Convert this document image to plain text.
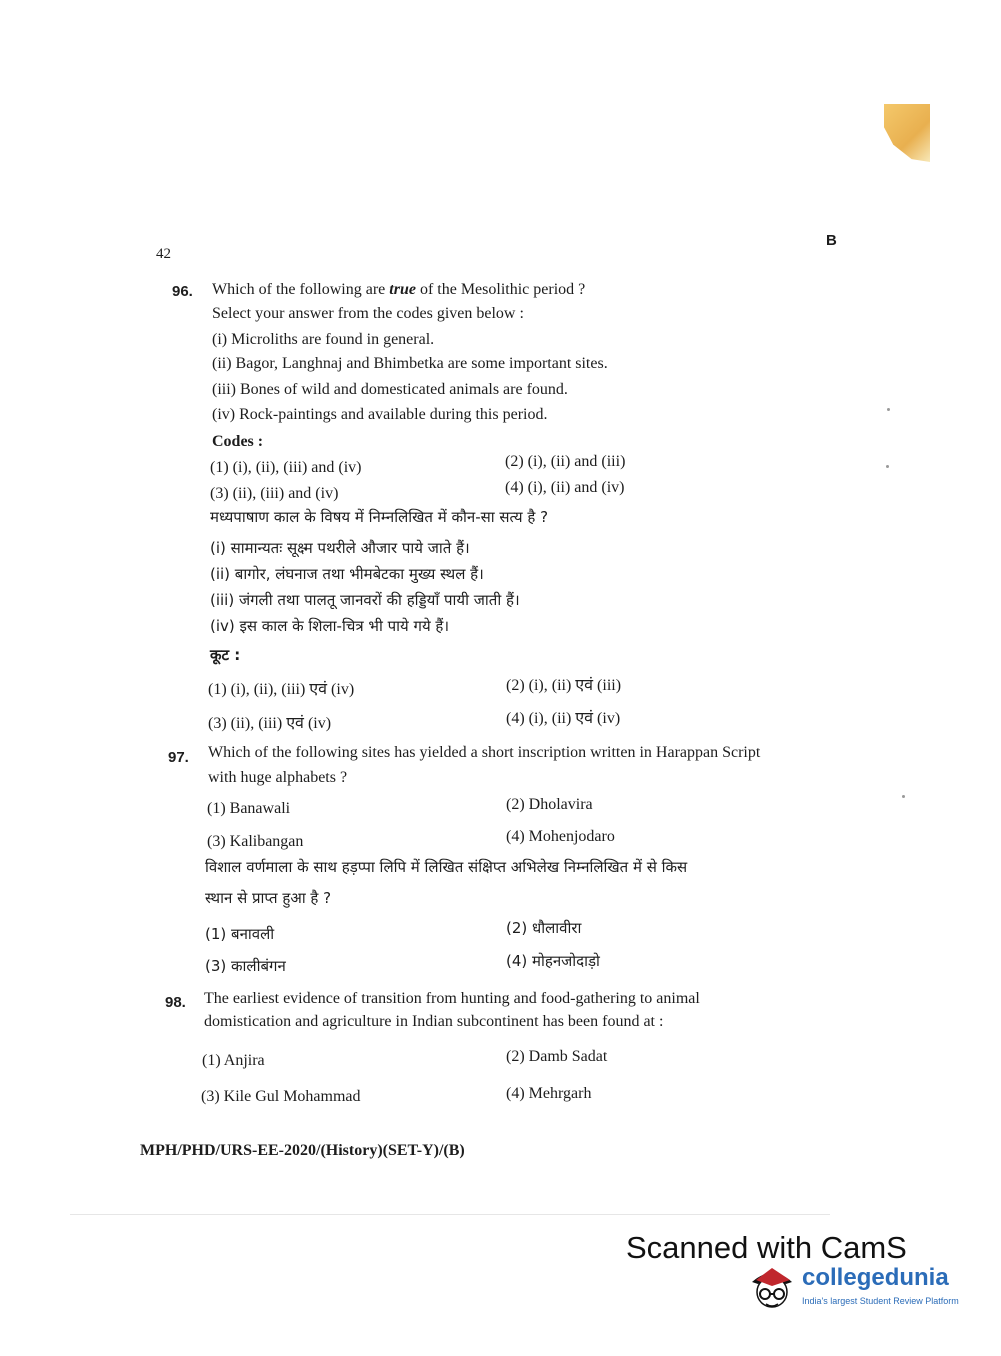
42
B
96. Which of the following are true of the Mesolithic period ?
Select your answer from the codes given below :
(i) Microliths are found in general.
(ii) Bagor, Langhnaj and Bhimbetka are some important sites.
(iii) Bones of wild and domesticated animals are found.
(iv) Rock-paintings and available during this period.
Codes :
(1) (i), (ii), (iii) and (iv)	(2) (i), (ii) and (iii)
(3) (ii), (iii) and (iv)	(4) (i), (ii) and (iv)
मध्यपाषाण काल के विषय में निम्नलिखित में कौन-सा सत्य है ?
(i) सामान्यतः सूक्ष्म पथरीले औजार पाये जाते हैं।
(ii) बागोर, लंघनाज तथा भीमबेटका मुख्य स्थल हैं।
(iii) जंगली तथा पालतू जानवरों की हड्डियाँ पायी जाती हैं।
(iv) इस काल के शिला-चित्र भी पाये गये हैं।
कूट :
(1) (i), (ii), (iii) एवं (iv)	(2) (i), (ii) एवं (iii)
(3) (ii), (iii) एवं (iv)	(4) (i), (ii) एवं (iv)
97. Which of the following sites has yielded a short inscription written in Harappan Script
with huge alphabets ?
(1) Banawali	(2) Dholavira
(3) Kalibangan	(4) Mohenjodaro
विशाल वर्णमाला के साथ हड़प्पा लिपि में लिखित संक्षिप्त अभिलेख निम्नलिखित में से किस
स्थान से प्राप्त हुआ है ?
(1) बनावली	(2) धौलावीरा
(3) कालीबंगन	(4) मोहनजोदाड़ो
98. The earliest evidence of transition from hunting and food-gathering to animal
domistication and agriculture in Indian subcontinent has been found at :
(1) Anjira	(2) Damb Sadat
(3) Kile Gul Mohammad	(4) Mehrgarh
MPH/PHD/URS-EE-2020/(History)(SET-Y)/(B)
Scanned with CamS
collegedunia
India's largest Student Review Platform
